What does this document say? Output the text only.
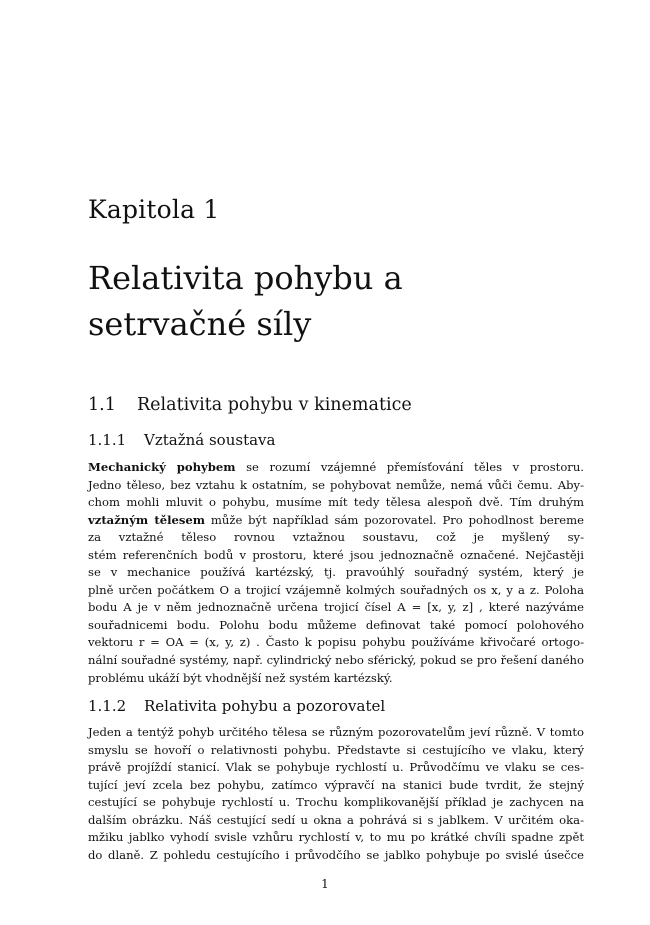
Kapitola 1
Relativita pohybu a
setrvačné síly
1.1 Relativita pohybu v kinematice
1.1.1 Vztažná soustava
Mechanický pohybem se rozumí vzájemné přemísťování těles v prostoru.
Jedno těleso, bez vztahu k ostatním, se pohybovat nemůže, nemá vůči čemu. Aby-
chom mohli mluvit o pohybu, musíme mít tedy tělesa alespoň dvě. Tím druhým
vztažným tělesem může být například sám pozorovatel. Pro pohodlnost bereme
za vztažné těleso rovnou vztažnou soustavu, což je myšlený sy-
stém referenčních bodů v prostoru, které jsou jednoznačně označené. Nejčastěji
se v mechanice používá kartézský, tj. pravoúhlý souřadný systém, který je
plně určen počátkem O a trojicí vzájemně kolmých souřadných os x, y a z. Poloha
bodu A je v něm jednoznačně určena trojicí čísel A = [x, y, z] , které nazýváme
souřadnicemi bodu. Polohu bodu můžeme definovat také pomocí polohového
vektoru r = OA = (x, y, z) . Často k popisu pohybu používáme křivočaré ortogo-
nální souřadné systémy, např. cylindrický nebo sférický, pokud se pro řešení daného
problému ukáží být vhodnější než systém kartézský.
1.1.2 Relativita pohybu a pozorovatel
Jeden a tentýž pohyb určitého tělesa se různým pozorovatelům jeví různě. V tomto
smyslu se hovoří o relativnosti pohybu. Představte si cestujícího ve vlaku, který
právě projíždí stanicí. Vlak se pohybuje rychlostí u. Průvodčímu ve vlaku se ces-
tující jeví zcela bez pohybu, zatímco výpravčí na stanici bude tvrdit, že stejný
cestující se pohybuje rychlostí u. Trochu komplikovanější příklad je zachycen na
dalším obrázku. Náš cestující sedí u okna a pohrává si s jablkem. V určitém oka-
mžiku jablko vyhodí svisle vzhůru rychlostí v, to mu po krátké chvíli spadne zpět
do dlaně. Z pohledu cestujícího i průvodčího se jablko pohybuje po svislé úsečce
1
